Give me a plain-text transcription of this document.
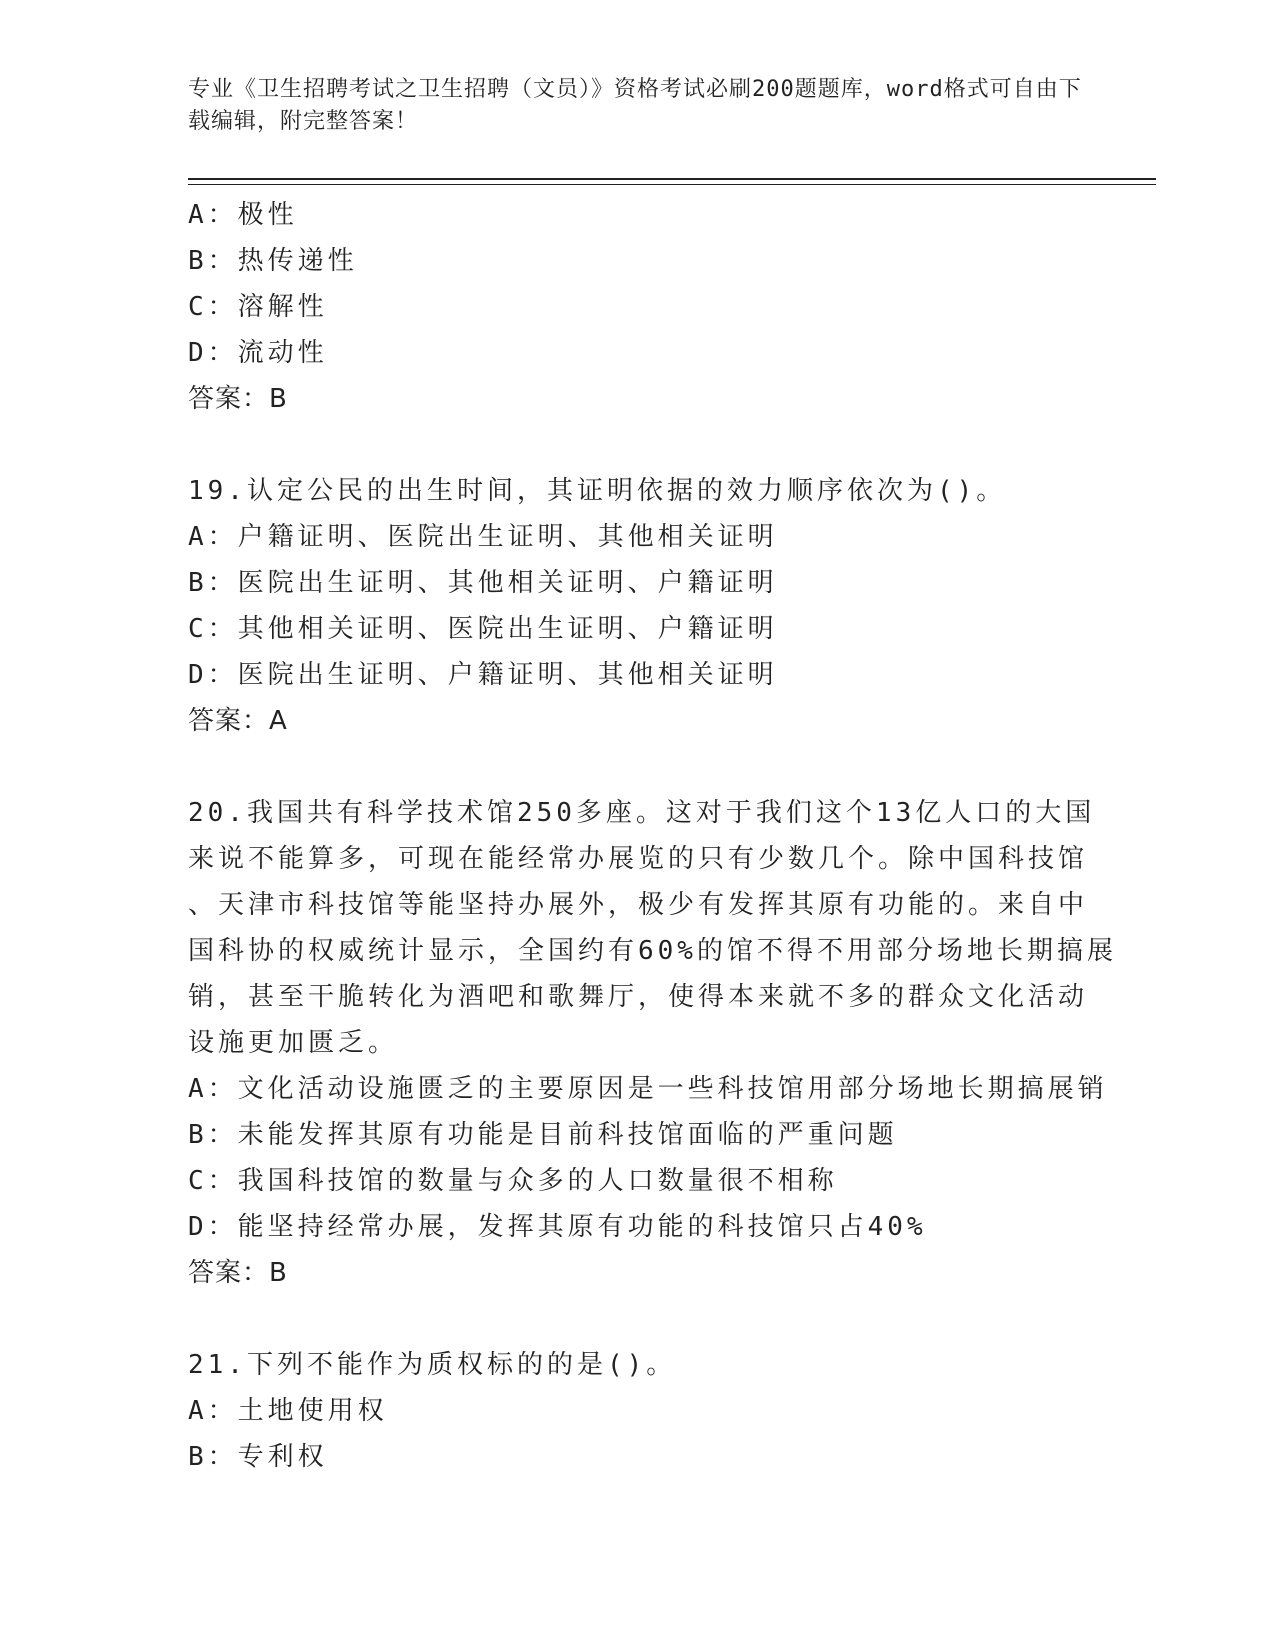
专业《卫生招聘考试之卫生招聘（文员）》资格考试必刷200题题库，word格式可自由下载编辑，附完整答案！
A：极性
B：热传递性
C：溶解性
D：流动性
答案：B
19.认定公民的出生时间，其证明依据的效力顺序依次为()。
A：户籍证明、医院出生证明、其他相关证明
B：医院出生证明、其他相关证明、户籍证明
C：其他相关证明、医院出生证明、户籍证明
D：医院出生证明、户籍证明、其他相关证明
答案：A
20.我国共有科学技术馆250多座。这对于我们这个13亿人口的大国
来说不能算多，可现在能经常办展览的只有少数几个。除中国科技馆
、天津市科技馆等能坚持办展外，极少有发挥其原有功能的。来自中
国科协的权威统计显示，全国约有60%的馆不得不用部分场地长期搞展
销，甚至干脆转化为酒吧和歌舞厅，使得本来就不多的群众文化活动
设施更加匮乏。
A：文化活动设施匮乏的主要原因是一些科技馆用部分场地长期搞展销
B：未能发挥其原有功能是目前科技馆面临的严重问题
C：我国科技馆的数量与众多的人口数量很不相称
D：能坚持经常办展，发挥其原有功能的科技馆只占40%
答案：B
21.下列不能作为质权标的的是()。
A：土地使用权
B：专利权
